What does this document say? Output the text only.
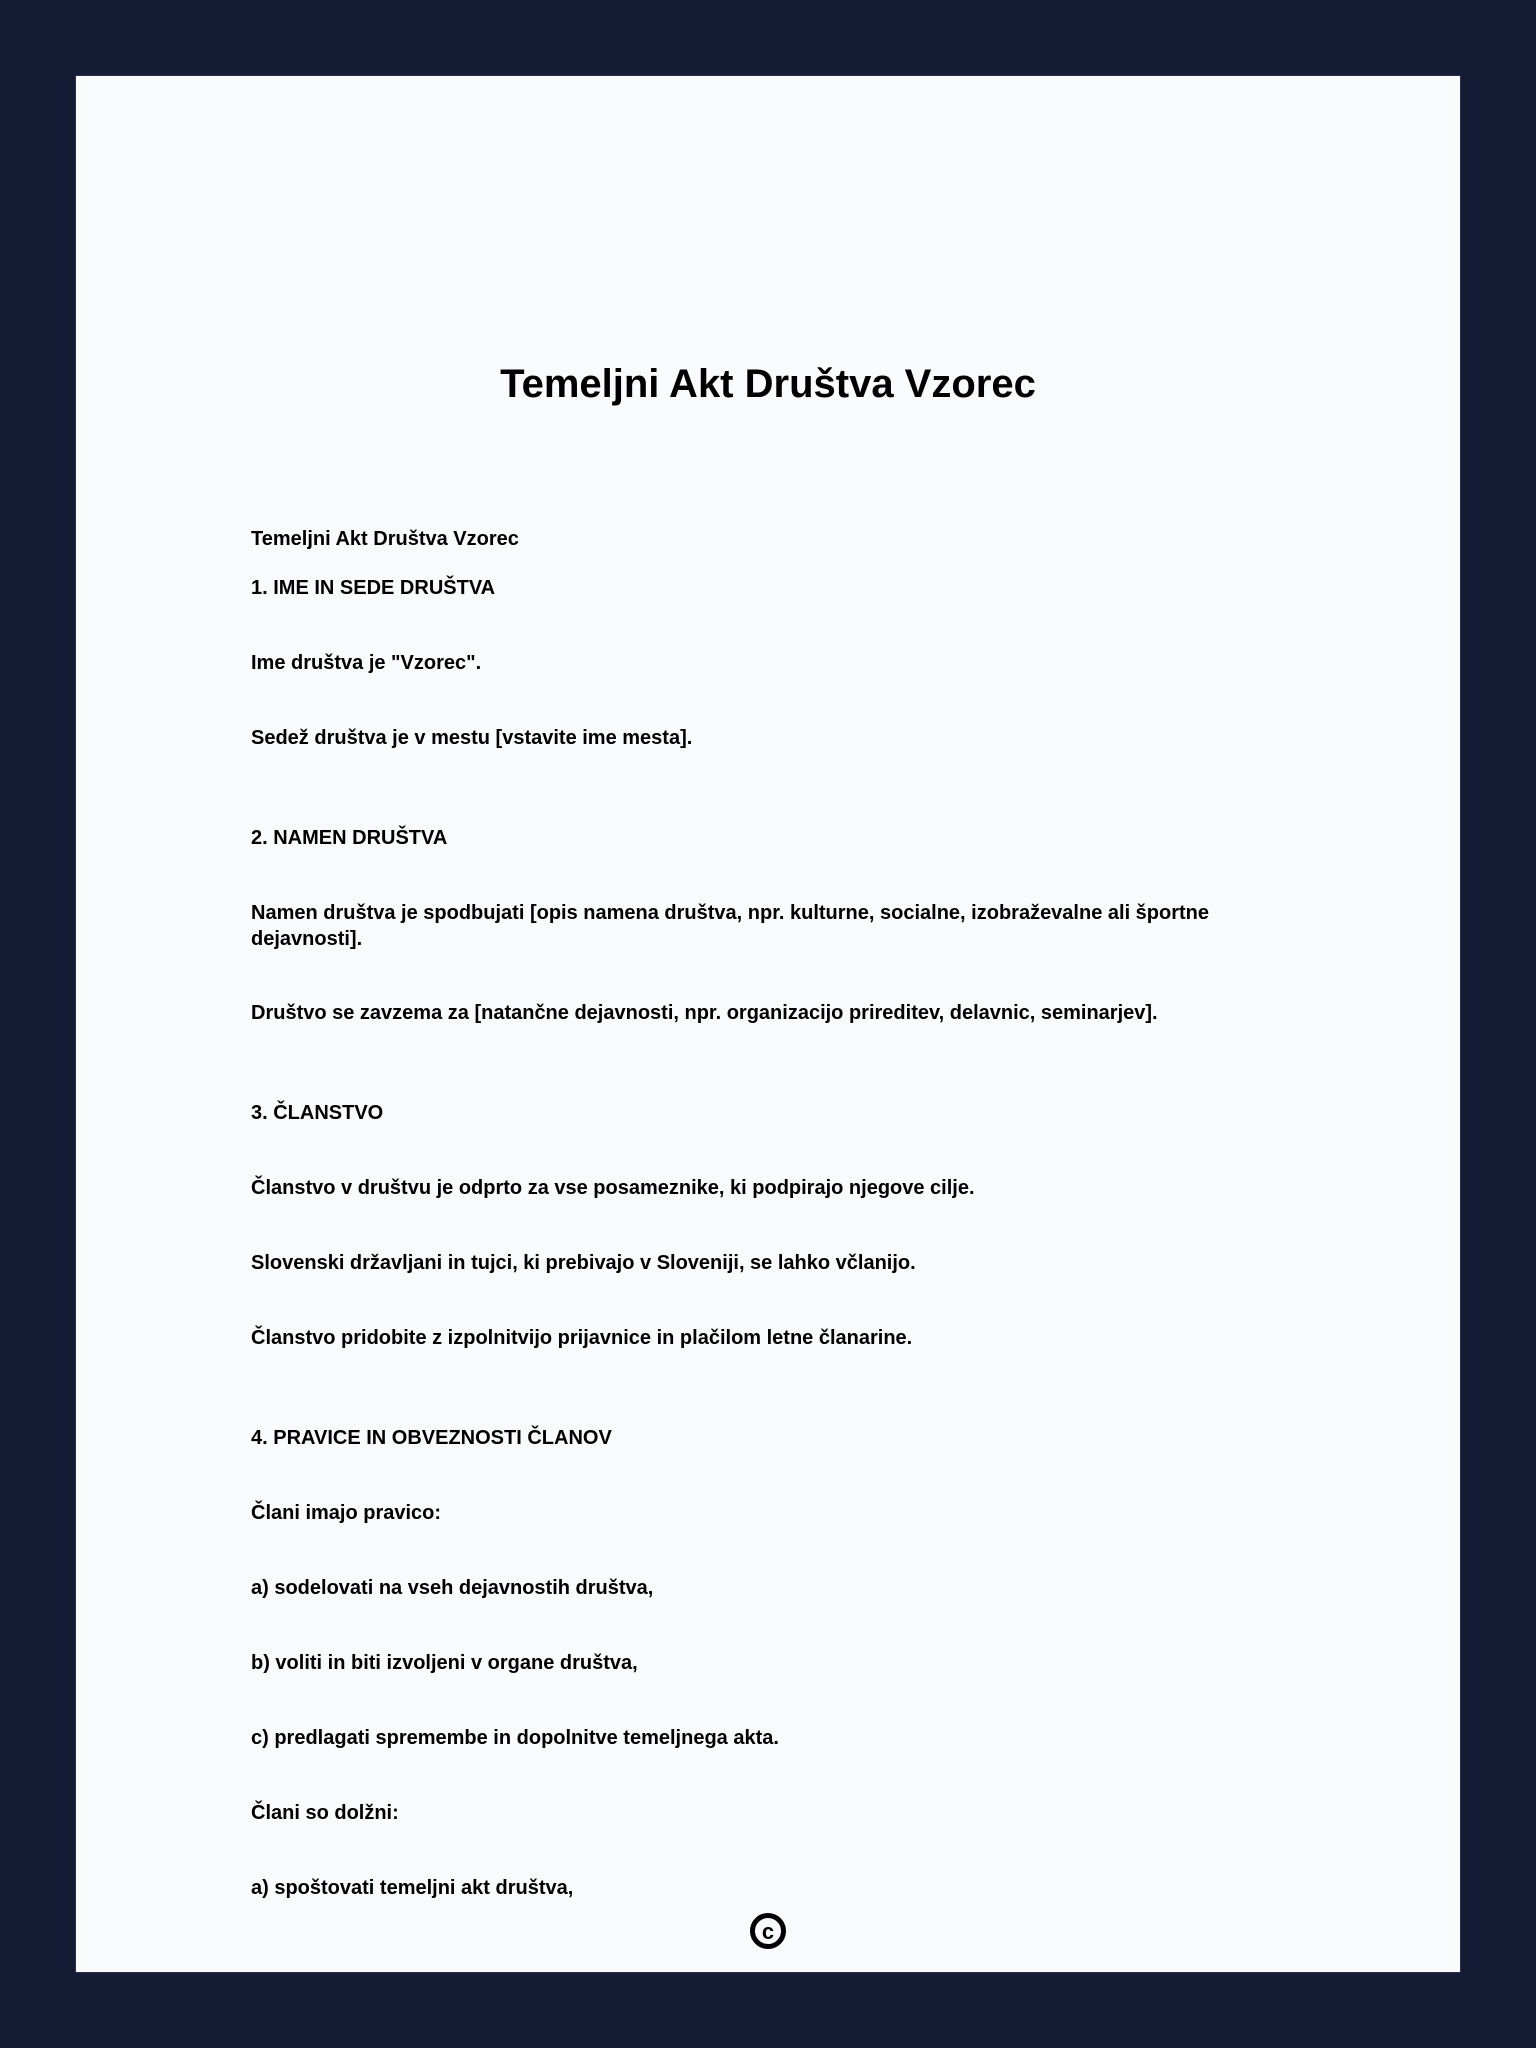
Temeljni Akt Društva Vzorec

Temeljni Akt Društva Vzorec

1. IME IN SEDE DRUŠTVA

Ime društva je "Vzorec".

Sedež društva je v mestu [vstavite ime mesta].

2. NAMEN DRUŠTVA

Namen društva je spodbujati [opis namena društva, npr. kulturne, socialne, izobraževalne ali športne dejavnosti].

Društvo se zavzema za [natančne dejavnosti, npr. organizacijo prireditev, delavnic, seminarjev].

3. ČLANSTVO

Članstvo v društvu je odprto za vse posameznike, ki podpirajo njegove cilje.

Slovenski državljani in tujci, ki prebivajo v Sloveniji, se lahko včlanijo.

Članstvo pridobite z izpolnitvijo prijavnice in plačilom letne članarine.

4. PRAVICE IN OBVEZNOSTI ČLANOV

Člani imajo pravico:

a) sodelovati na vseh dejavnostih društva,

b) voliti in biti izvoljeni v organe društva,

c) predlagati spremembe in dopolnitve temeljnega akta.

Člani so dolžni:

a) spoštovati temeljni akt društva,

c
